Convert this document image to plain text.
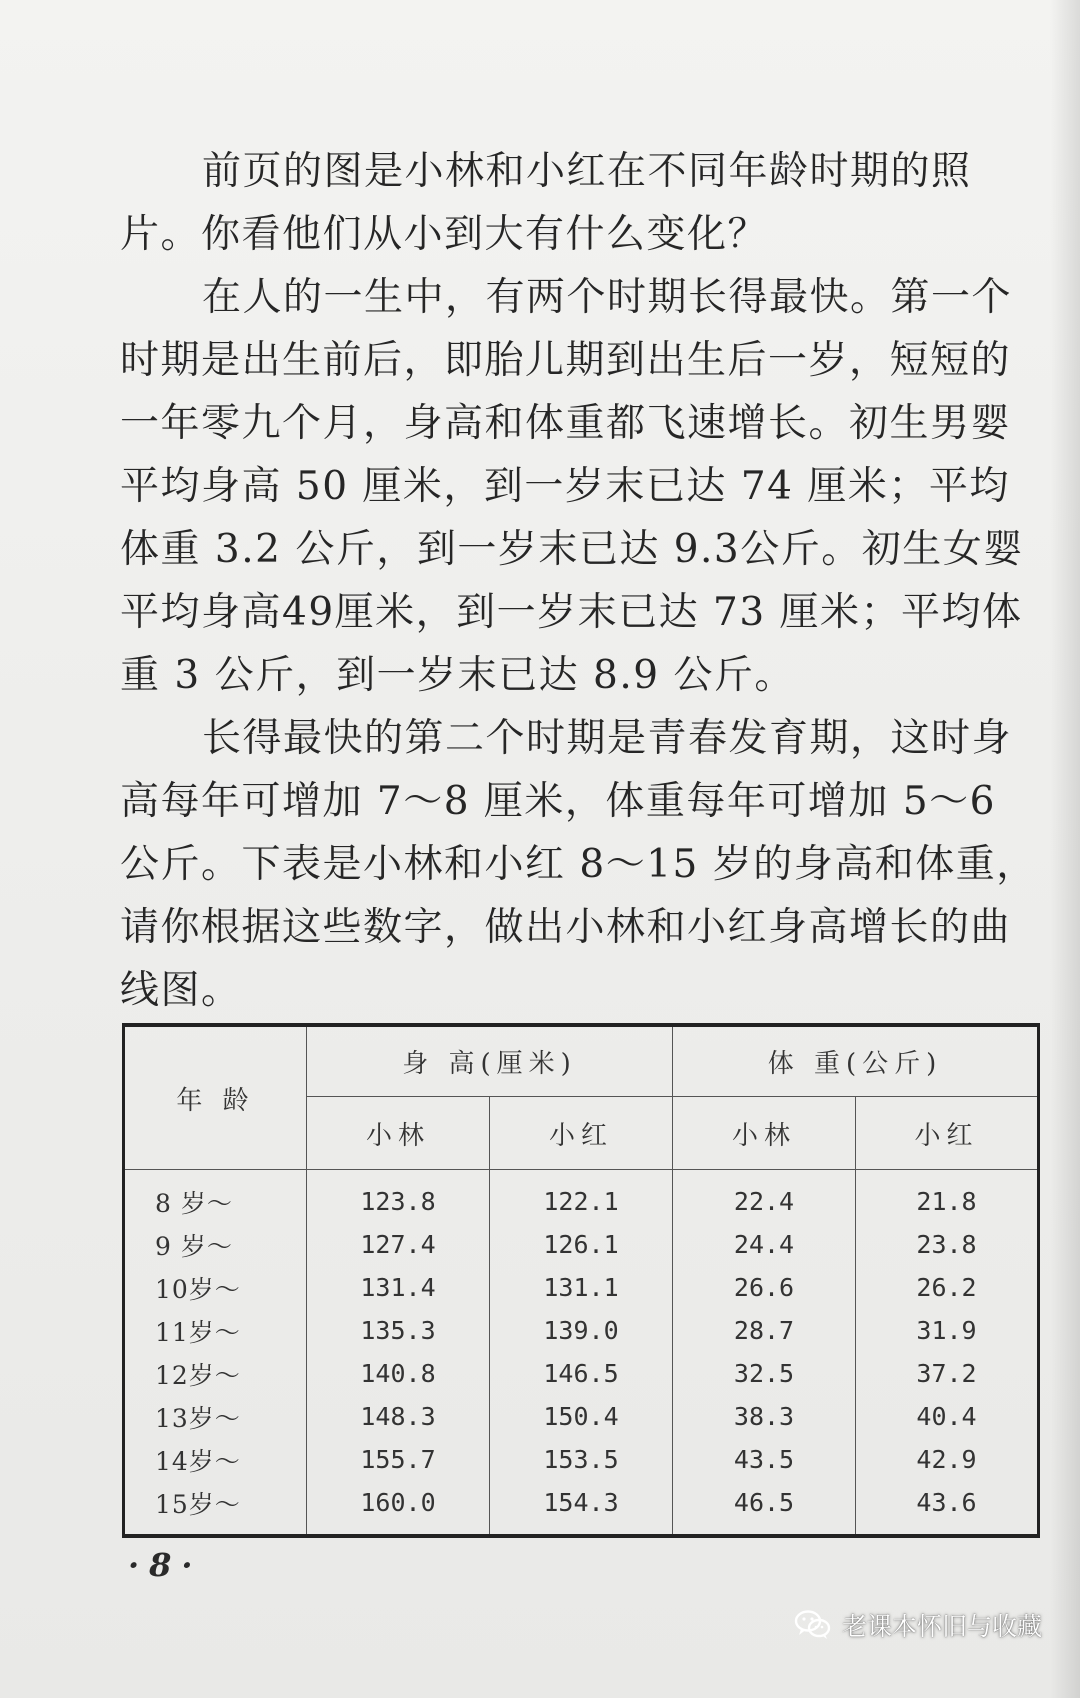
前页的图是小林和小红在不同年龄时期的照片。你看他们从小到大有什么变化？

在人的一生中，有两个时期长得最快。第一个时期是出生前后，即胎儿期到出生后一岁，短短的一年零九个月，身高和体重都飞速增长。初生男婴平均身高 50 厘米，到一岁末已达 74 厘米；平均体重 3.2 公斤，到一岁末已达 9.3公斤。初生女婴平均身高49厘米，到一岁末已达 73 厘米；平均体重 3 公斤，到一岁末已达 8.9 公斤。

长得最快的第二个时期是青春发育期，这时身高每年可增加 7～8 厘米，体重每年可增加 5～6 公斤。下表是小林和小红 8～15 岁的身高和体重，请你根据这些数字，做出小林和小红身高增长的曲线图。

年 龄	身 高(厘米)		体 重(公斤)	
	小林	小红	小林	小红
8 岁～	123.8	122.1	22.4	21.8
9 岁～	127.4	126.1	24.4	23.8
10岁～	131.4	131.1	26.6	26.2
11岁～	135.3	139.0	28.7	31.9
12岁～	140.8	146.5	32.5	37.2
13岁～	148.3	150.4	38.3	40.4
14岁～	155.7	153.5	43.5	42.9
15岁～	160.0	154.3	46.5	43.6
·8·
老课本怀旧与收藏
